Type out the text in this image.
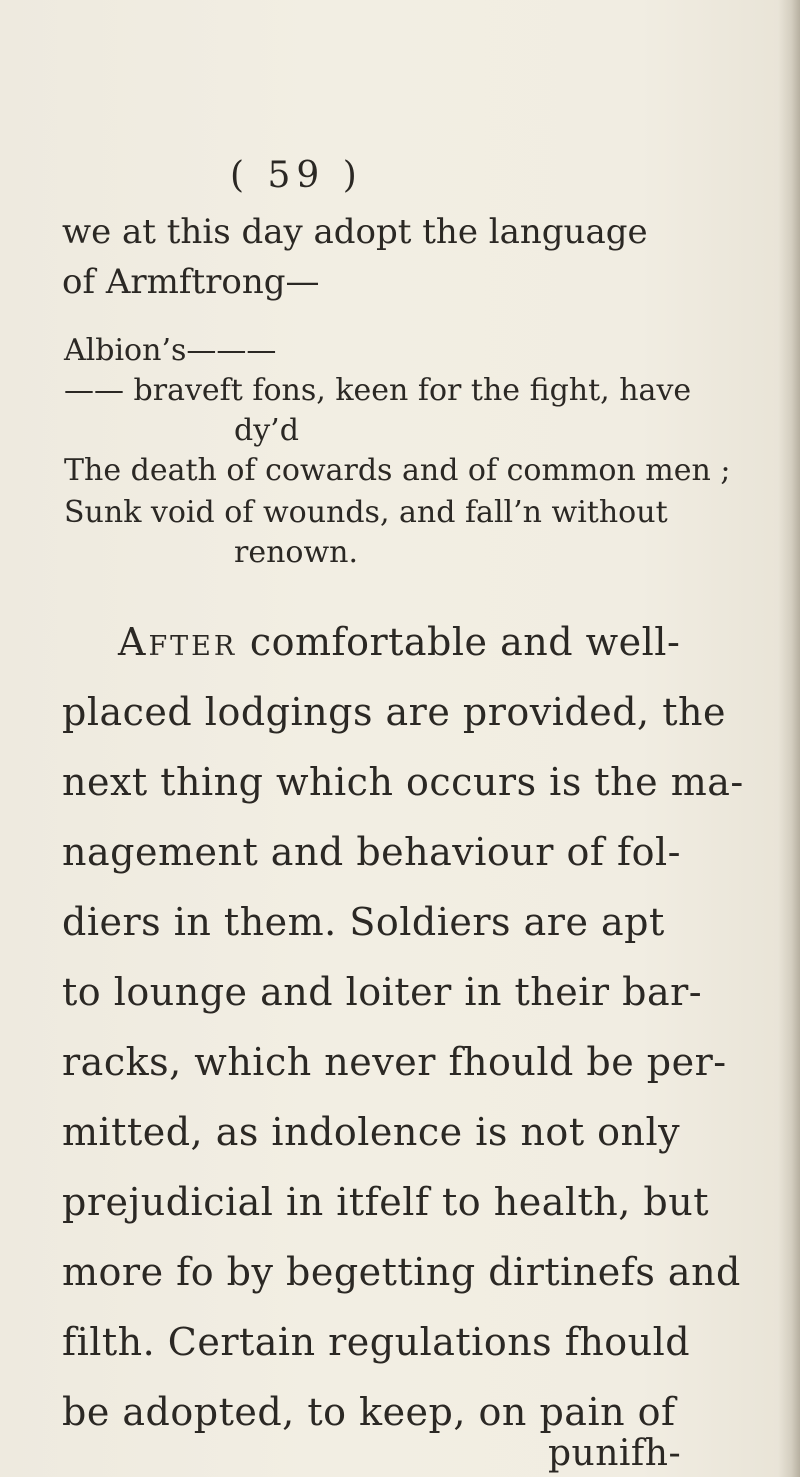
( 59 )

we at this day adopt the language

of Armftrong—

Albion’s———

—— braveft fons, keen for the fight, have

dy’d

The death of cowards and of common men ;

Sunk void of wounds, and fall’n without

renown.

After comfortable and well-

placed lodgings are provided, the

next thing which occurs is the ma-

nagement and behaviour of fol-

diers in them. Soldiers are apt

to lounge and loiter in their bar-

racks, which never fhould be per-

mitted, as indolence is not only

prejudicial in itfelf to health, but

more fo by begetting dirtinefs and

filth. Certain regulations fhould

be adopted, to keep, on pain of

punifh-
